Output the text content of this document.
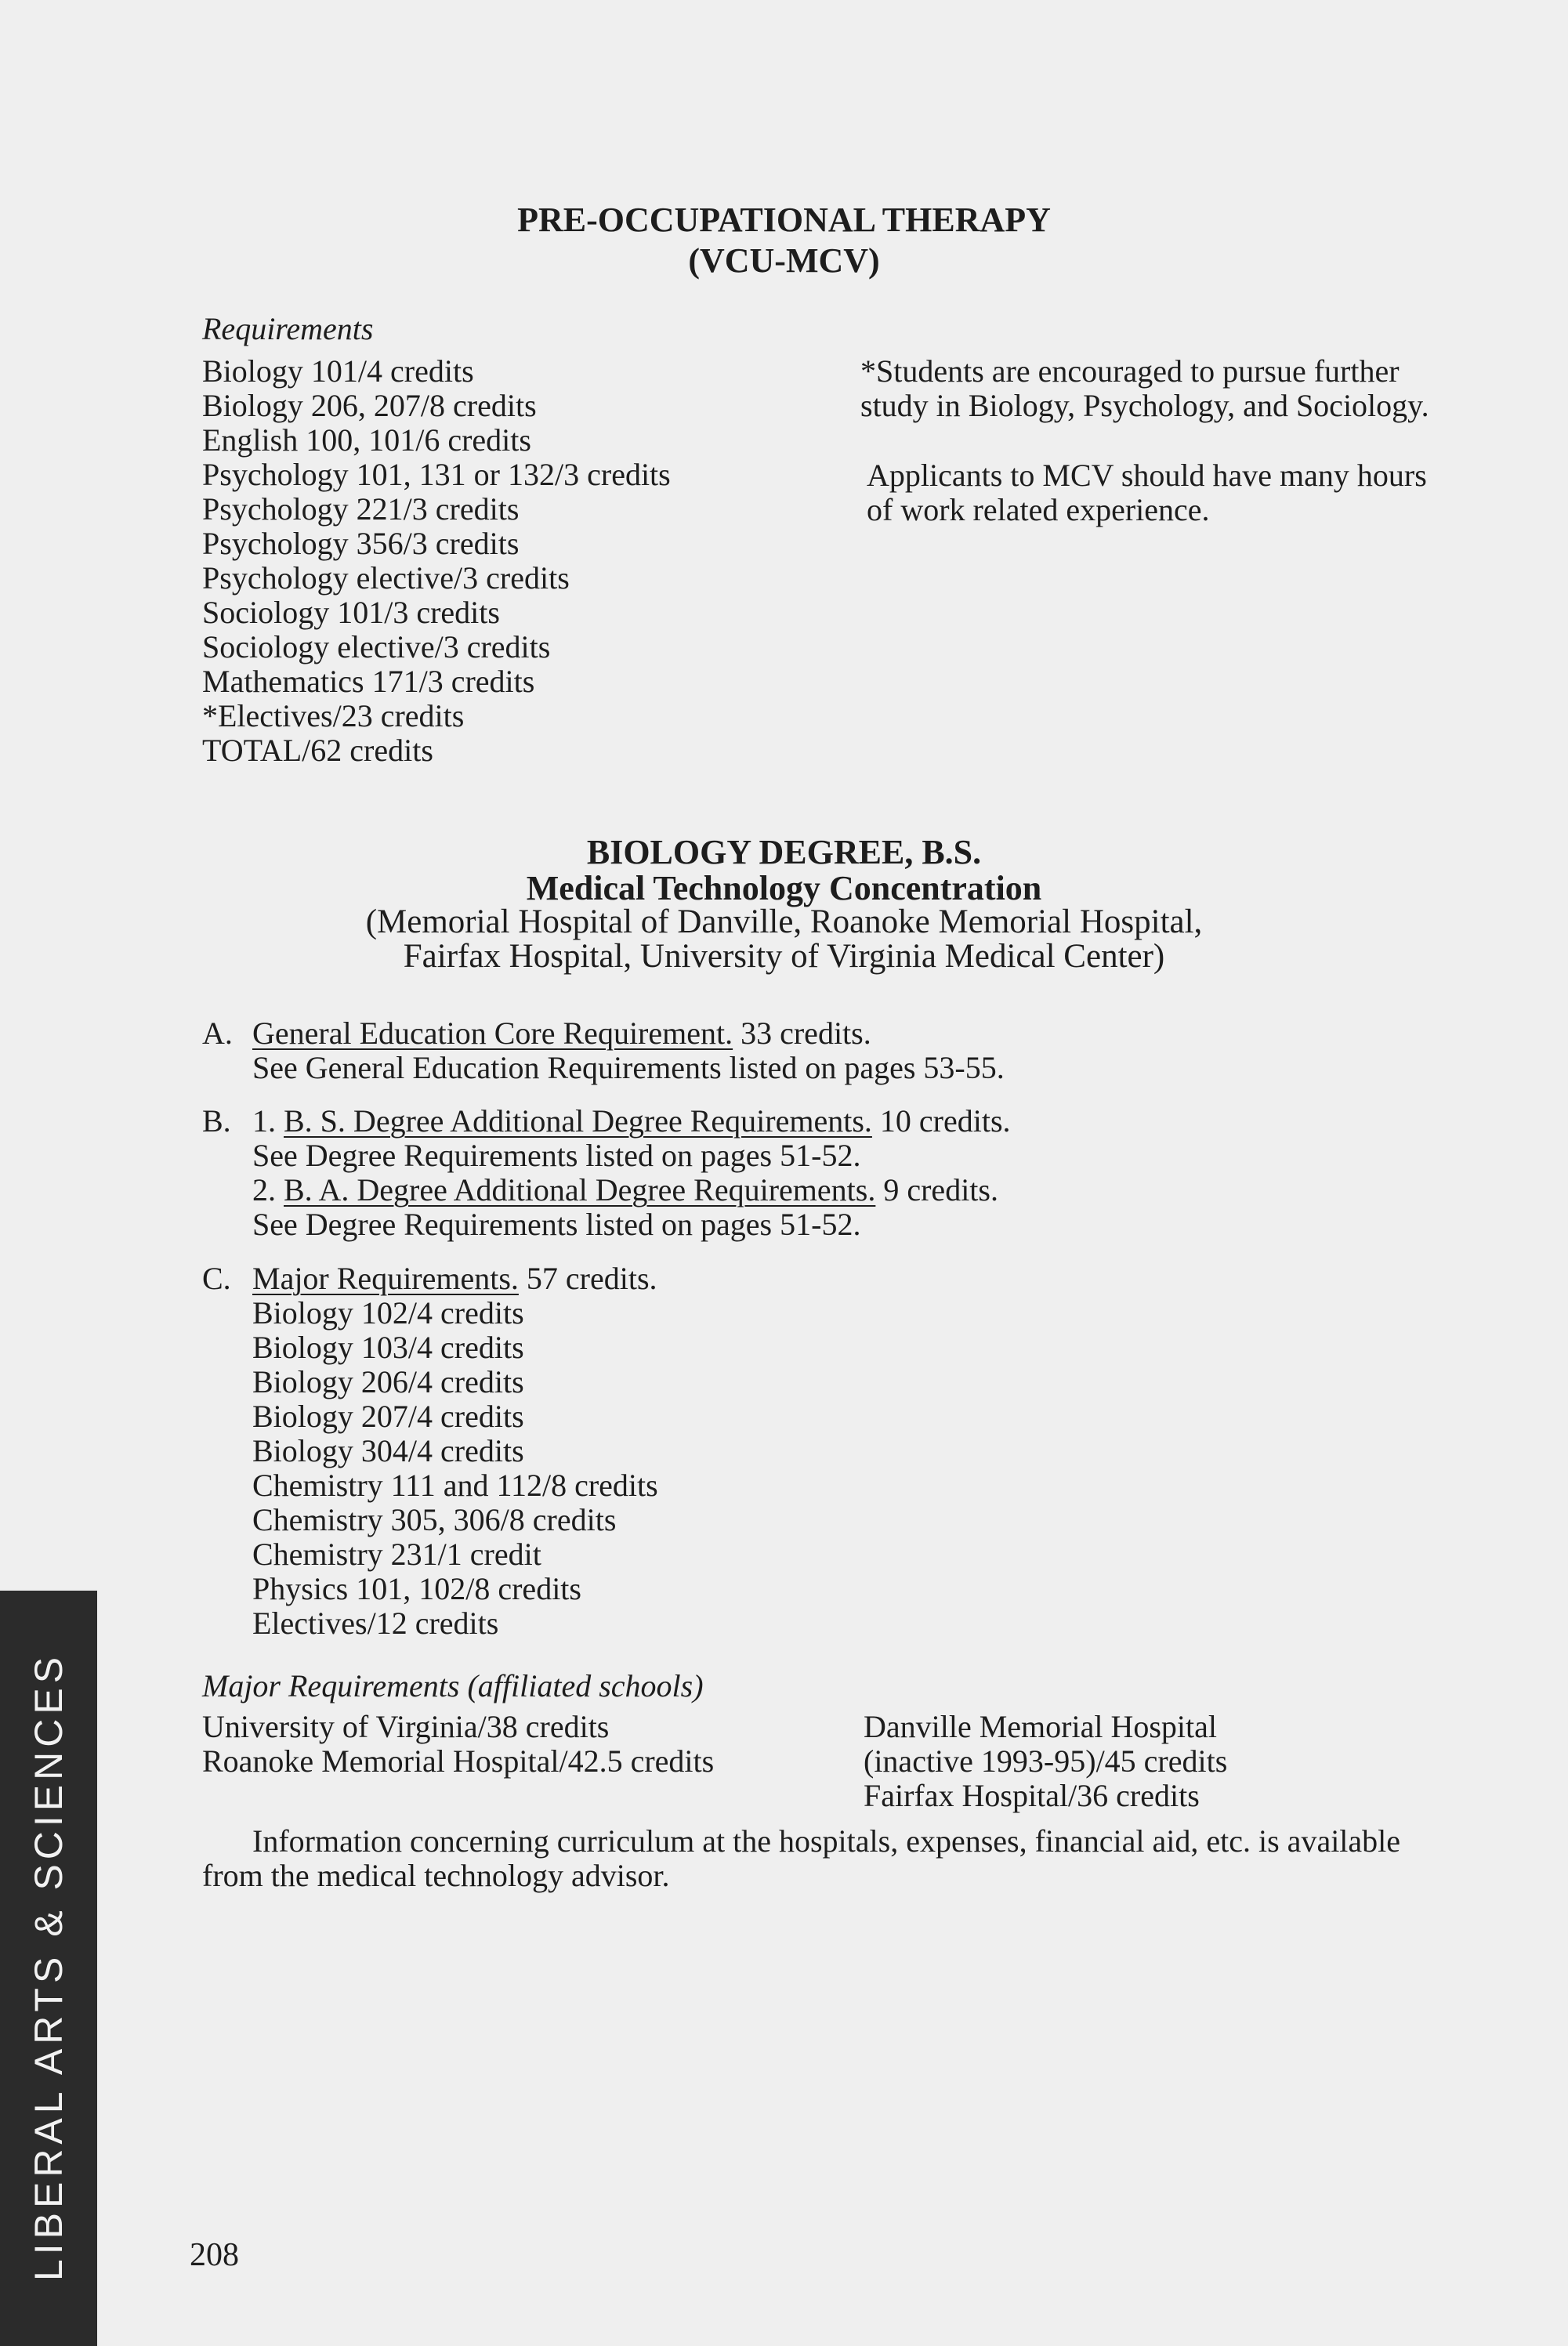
PRE-OCCUPATIONAL THERAPY
(VCU-MCV)
Requirements
Biology 101/4 credits
Biology 206, 207/8 credits
English 100, 101/6 credits
Psychology 101, 131 or 132/3 credits
Psychology 221/3 credits
Psychology 356/3 credits
Psychology elective/3 credits
Sociology 101/3 credits
Sociology elective/3 credits
Mathematics 171/3 credits
*Electives/23 credits
TOTAL/62 credits
*Students are encouraged to pursue further
study in Biology, Psychology, and Sociology.
Applicants to MCV should have many hours
of work related experience.
BIOLOGY DEGREE, B.S.
Medical Technology Concentration
(Memorial Hospital of Danville, Roanoke Memorial Hospital,
Fairfax Hospital, University of Virginia Medical Center)
A. General Education Core Requirement. 33 credits.
See General Education Requirements listed on pages 53-55.
B. 1. B. S. Degree Additional Degree Requirements. 10 credits.
See Degree Requirements listed on pages 51-52.
2. B. A. Degree Additional Degree Requirements. 9 credits.
See Degree Requirements listed on pages 51-52.
C. Major Requirements. 57 credits.
Biology 102/4 credits
Biology 103/4 credits
Biology 206/4 credits
Biology 207/4 credits
Biology 304/4 credits
Chemistry 111 and 112/8 credits
Chemistry 305, 306/8 credits
Chemistry 231/1 credit
Physics 101, 102/8 credits
Electives/12 credits
Major Requirements (affiliated schools)
University of Virginia/38 credits
Roanoke Memorial Hospital/42.5 credits
Danville Memorial Hospital
(inactive 1993-95)/45 credits
Fairfax Hospital/36 credits
Information concerning curriculum at the hospitals, expenses, financial aid, etc. is available from the medical technology advisor.
LIBERAL ARTS & SCIENCES	208
